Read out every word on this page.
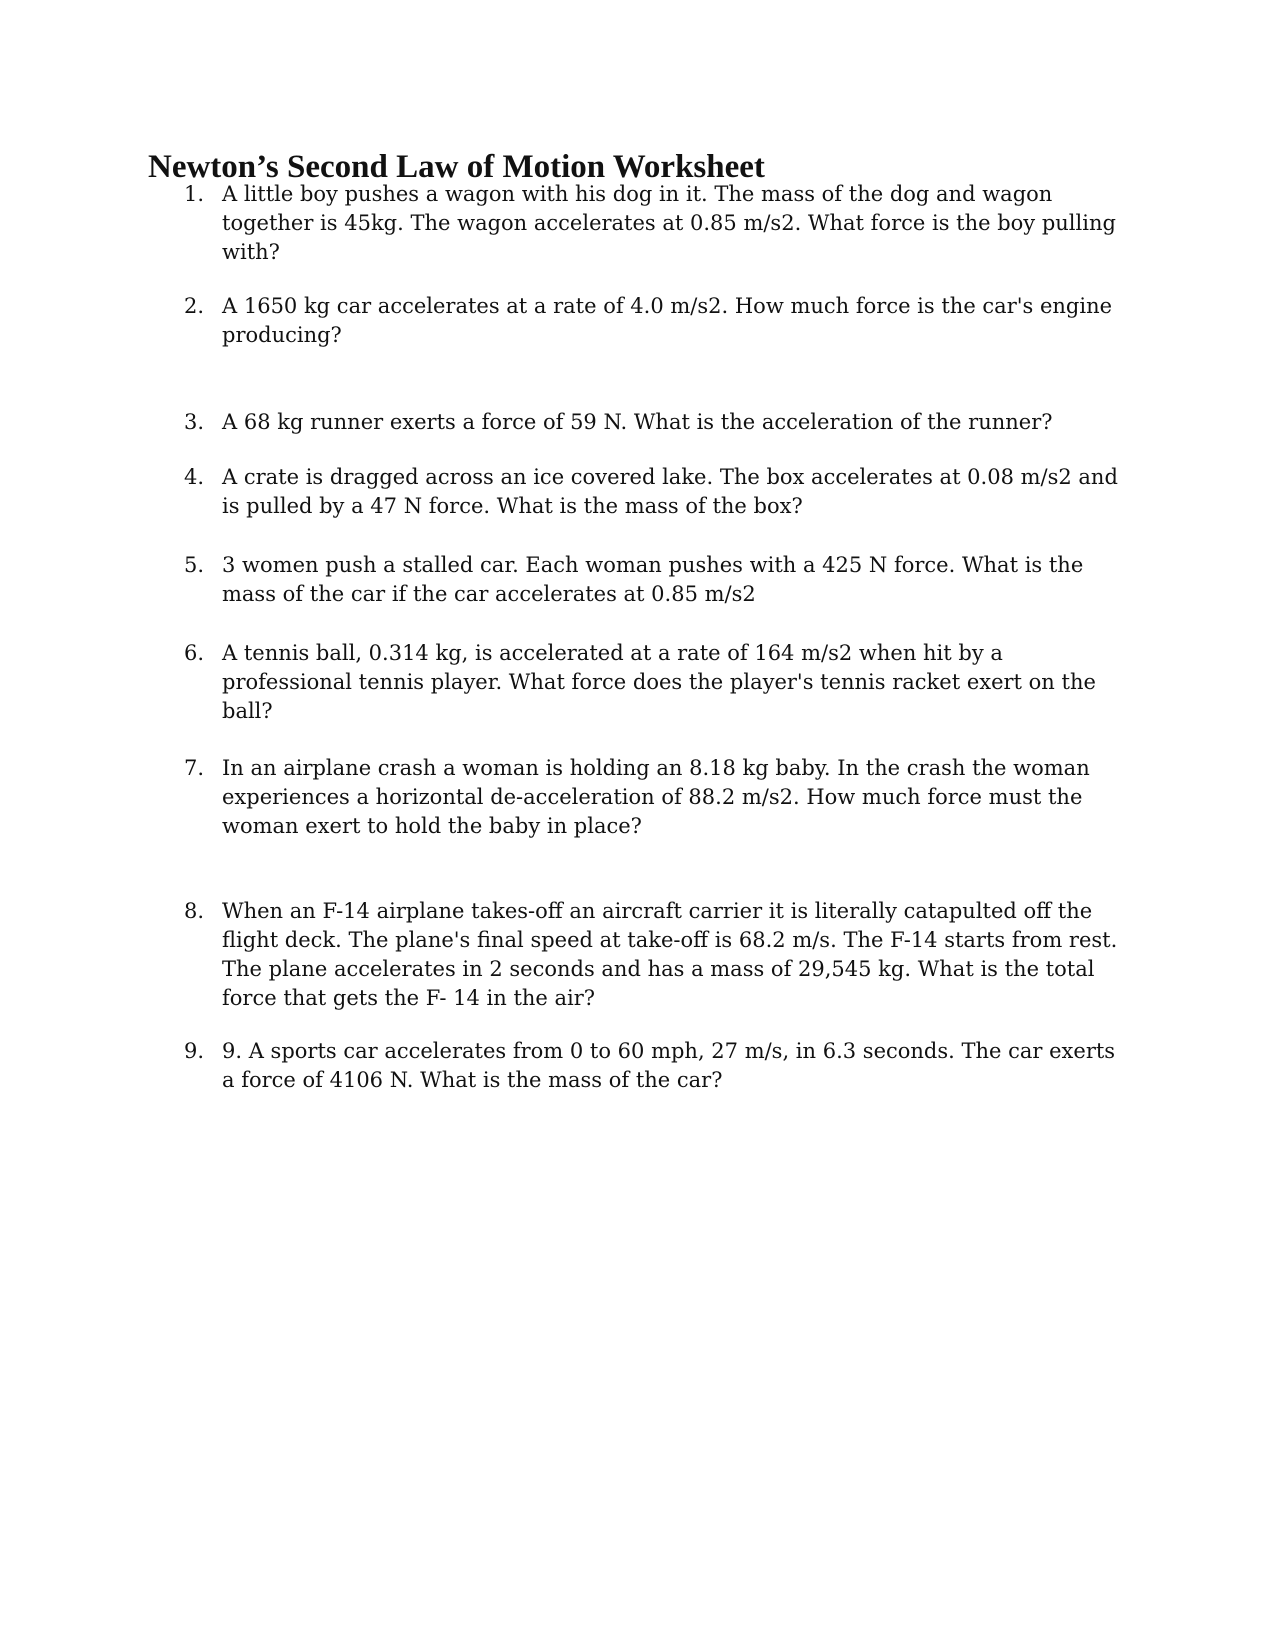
Newton’s Second Law of Motion Worksheet
1. A little boy pushes a wagon with his dog in it. The mass of the dog and wagon together is 45kg. The wagon accelerates at 0.85 m/s2. What force is the boy pulling with?
2. A 1650 kg car accelerates at a rate of 4.0 m/s2. How much force is the car's engine producing?
3. A 68 kg runner exerts a force of 59 N. What is the acceleration of the runner?
4. A crate is dragged across an ice covered lake. The box accelerates at 0.08 m/s2 and is pulled by a 47 N force. What is the mass of the box?
5. 3 women push a stalled car. Each woman pushes with a 425 N force. What is the mass of the car if the car accelerates at 0.85 m/s2
6. A tennis ball, 0.314 kg, is accelerated at a rate of 164 m/s2 when hit by a professional tennis player. What force does the player's tennis racket exert on the ball?
7. In an airplane crash a woman is holding an 8.18 kg baby. In the crash the woman experiences a horizontal de-acceleration of 88.2 m/s2. How much force must the woman exert to hold the baby in place?
8. When an F-14 airplane takes-off an aircraft carrier it is literally catapulted off the flight deck. The plane's final speed at take-off is 68.2 m/s. The F-14 starts from rest. The plane accelerates in 2 seconds and has a mass of 29,545 kg. What is the total force that gets the F- 14 in the air?
9. 9. A sports car accelerates from 0 to 60 mph, 27 m/s, in 6.3 seconds. The car exerts a force of 4106 N. What is the mass of the car?
